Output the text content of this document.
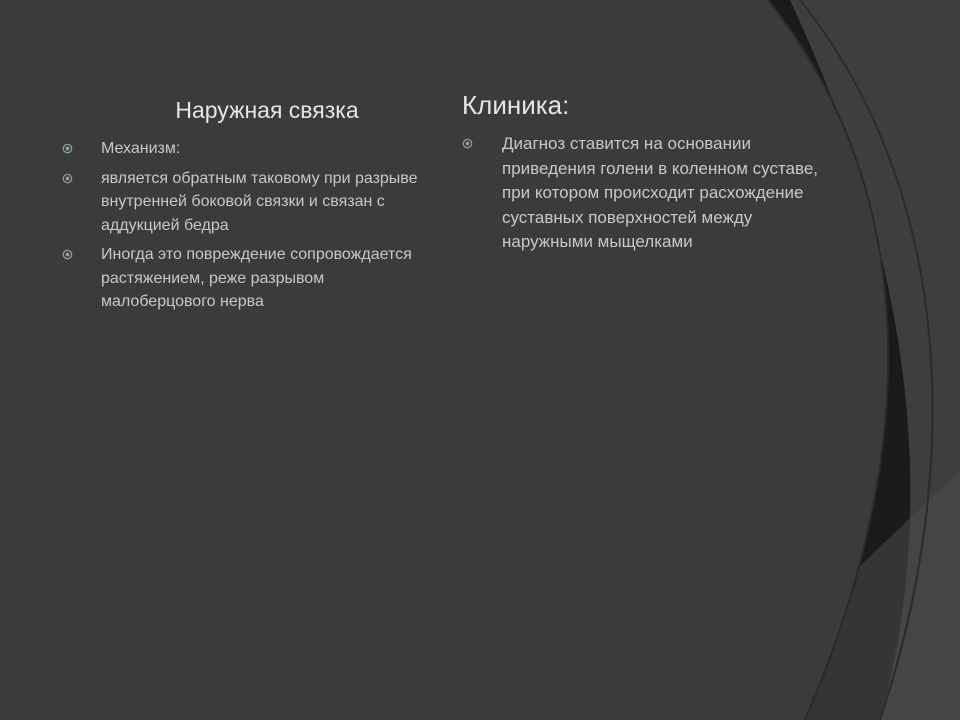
Наружная связка
Механизм:
является обратным таковому при разрыве внутренней боковой связки и связан с аддукцией бедра
Иногда это повреждение сопровождается растяжением, реже разрывом малоберцового нерва
Клиника:
Диагноз ставится на основании приведения голени в коленном суставе, при котором происходит расхождение суставных поверхностей между наружными мыщелками
